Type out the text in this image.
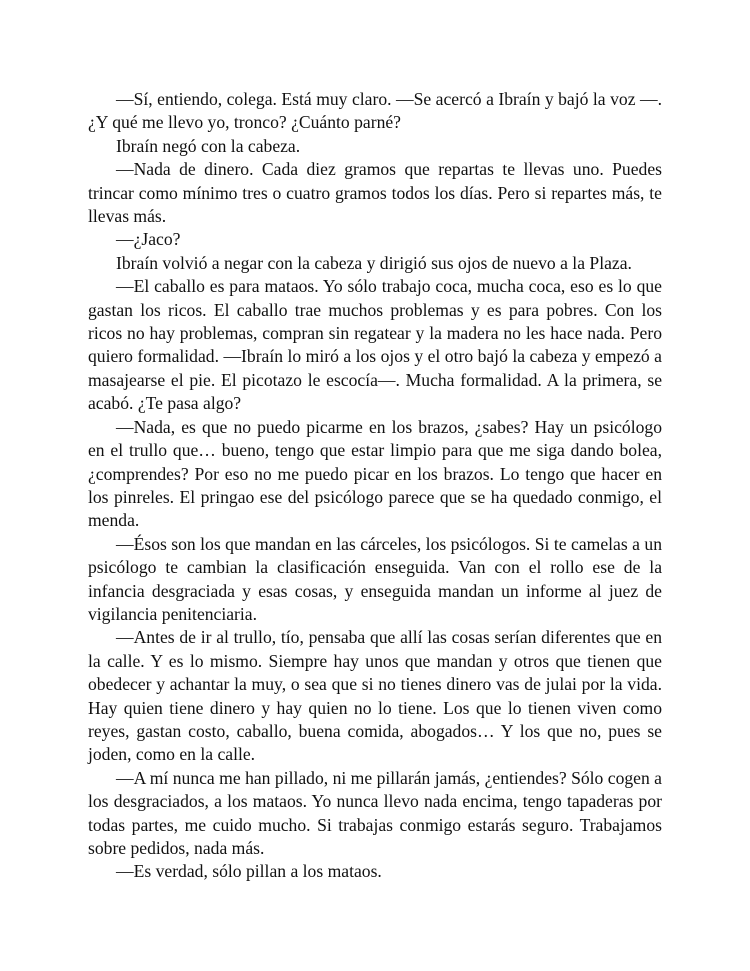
—Sí, entiendo, colega. Está muy claro. —Se acercó a Ibraín y bajó la voz —. ¿Y qué me llevo yo, tronco? ¿Cuánto parné?

Ibraín negó con la cabeza.

—Nada de dinero. Cada diez gramos que repartas te llevas uno. Puedes trincar como mínimo tres o cuatro gramos todos los días. Pero si repartes más, te llevas más.

—¿Jaco?

Ibraín volvió a negar con la cabeza y dirigió sus ojos de nuevo a la Plaza.

—El caballo es para mataos. Yo sólo trabajo coca, mucha coca, eso es lo que gastan los ricos. El caballo trae muchos problemas y es para pobres. Con los ricos no hay problemas, compran sin regatear y la madera no les hace nada. Pero quiero formalidad. —Ibraín lo miró a los ojos y el otro bajó la cabeza y empezó a masajearse el pie. El picotazo le escocía—. Mucha formalidad. A la primera, se acabó. ¿Te pasa algo?

—Nada, es que no puedo picarme en los brazos, ¿sabes? Hay un psicólogo en el trullo que… bueno, tengo que estar limpio para que me siga dando bolea, ¿comprendes? Por eso no me puedo picar en los brazos. Lo tengo que hacer en los pinreles. El pringao ese del psicólogo parece que se ha quedado conmigo, el menda.

—Ésos son los que mandan en las cárceles, los psicólogos. Si te camelas a un psicólogo te cambian la clasificación enseguida. Van con el rollo ese de la infancia desgraciada y esas cosas, y enseguida mandan un informe al juez de vigilancia penitenciaria.

—Antes de ir al trullo, tío, pensaba que allí las cosas serían diferentes que en la calle. Y es lo mismo. Siempre hay unos que mandan y otros que tienen que obedecer y achantar la muy, o sea que si no tienes dinero vas de julai por la vida. Hay quien tiene dinero y hay quien no lo tiene. Los que lo tienen viven como reyes, gastan costo, caballo, buena comida, abogados… Y los que no, pues se joden, como en la calle.

—A mí nunca me han pillado, ni me pillarán jamás, ¿entiendes? Sólo cogen a los desgraciados, a los mataos. Yo nunca llevo nada encima, tengo tapaderas por todas partes, me cuido mucho. Si trabajas conmigo estarás seguro. Trabajamos sobre pedidos, nada más.

—Es verdad, sólo pillan a los mataos.
